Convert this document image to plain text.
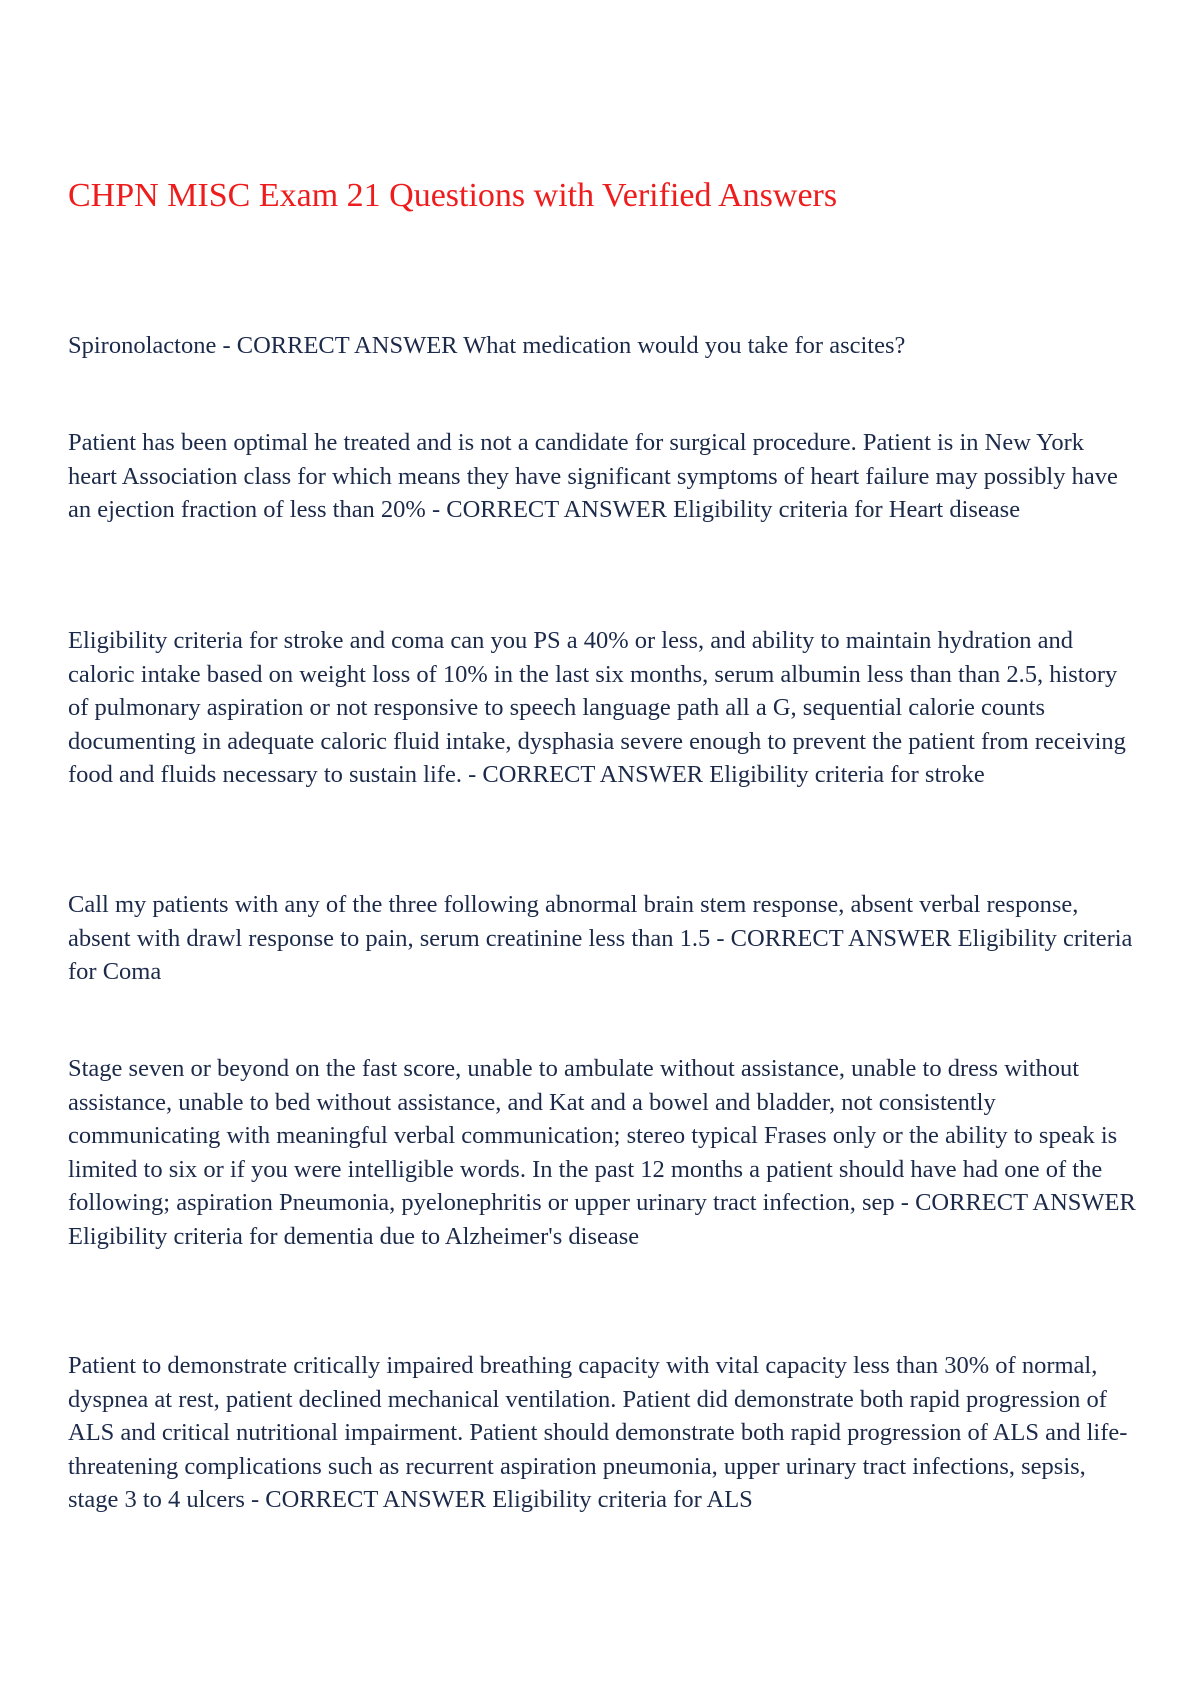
CHPN MISC Exam 21 Questions with Verified Answers

Spironolactone - CORRECT ANSWER What medication would you take for ascites?

Patient has been optimal he treated and is not a candidate for surgical procedure. Patient is in New York heart Association class for which means they have significant symptoms of heart failure may possibly have an ejection fraction of less than 20% - CORRECT ANSWER Eligibility criteria for Heart disease

Eligibility criteria for stroke and coma can you PS a 40% or less, and ability to maintain hydration and caloric intake based on weight loss of 10% in the last six months, serum albumin less than than 2.5, history of pulmonary aspiration or not responsive to speech language path all a G, sequential calorie counts documenting in adequate caloric fluid intake, dysphasia severe enough to prevent the patient from receiving food and fluids necessary to sustain life. - CORRECT ANSWER Eligibility criteria for stroke

Call my patients with any of the three following abnormal brain stem response, absent verbal response, absent with drawl response to pain, serum creatinine less than 1.5 - CORRECT ANSWER Eligibility criteria for Coma

Stage seven or beyond on the fast score, unable to ambulate without assistance, unable to dress without assistance, unable to bed without assistance, and Kat and a bowel and bladder, not consistently communicating with meaningful verbal communication; stereo typical Frases only or the ability to speak is limited to six or if you were intelligible words. In the past 12 months a patient should have had one of the following; aspiration Pneumonia, pyelonephritis or upper urinary tract infection, sep - CORRECT ANSWER Eligibility criteria for dementia due to Alzheimer's disease

Patient to demonstrate critically impaired breathing capacity with vital capacity less than 30% of normal, dyspnea at rest, patient declined mechanical ventilation. Patient did demonstrate both rapid progression of ALS and critical nutritional impairment. Patient should demonstrate both rapid progression of ALS and life-threatening complications such as recurrent aspiration pneumonia, upper urinary tract infections, sepsis, stage 3 to 4 ulcers - CORRECT ANSWER Eligibility criteria for ALS
